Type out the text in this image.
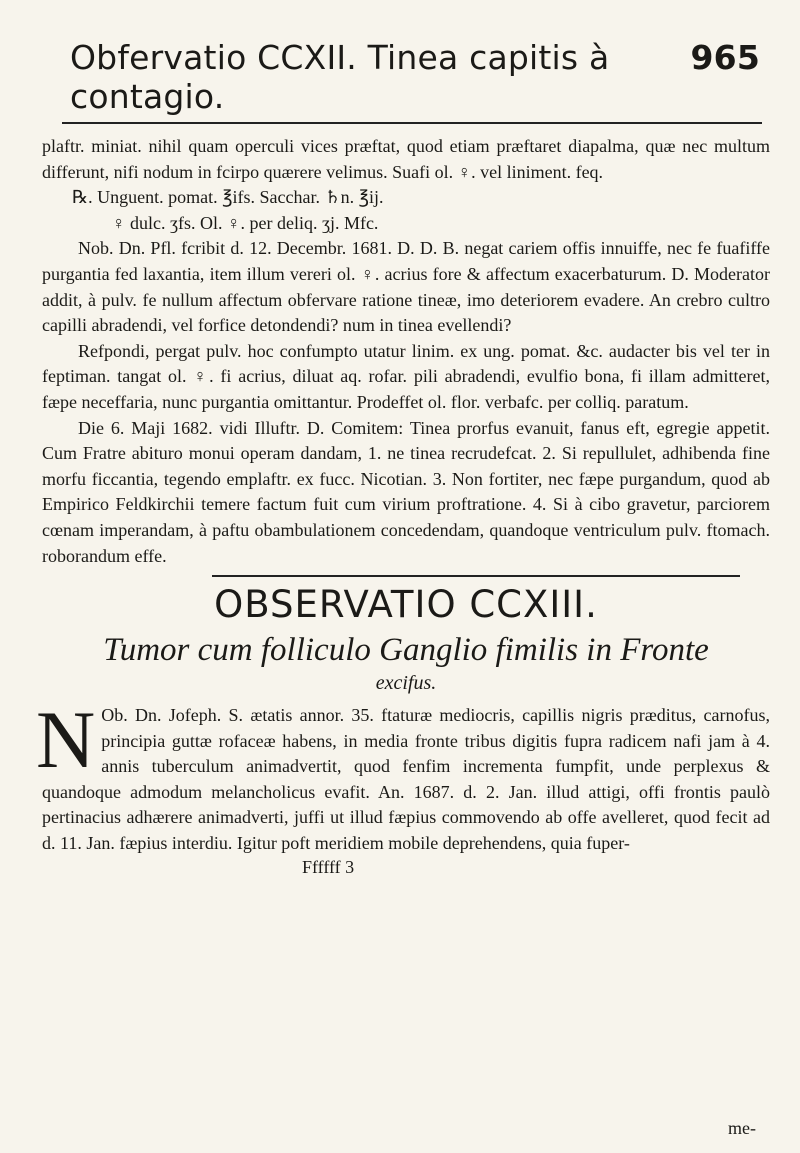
Obfervatio CCXII. Tinea capitis à contagio.
965

plaftr. miniat. nihil quam operculi vices præftat, quod etiam præftaret diapalma, quæ nec multum differunt, nifi nodum in fcirpo quærere velimus. Suafi ol. ♀. vel liniment. feq.

℞. Unguent. pomat. ℥ifs. Sacchar. ♄n. ℥ij.

♀ dulc. ʒfs. Ol. ♀. per deliq. ʒj. Mfc.

Nob. Dn. Pfl. fcribit d. 12. Decembr. 1681. D. D. B. negat cariem offis innuiffe, nec fe fuafiffe purgantia fed laxantia, item illum vereri ol. ♀. acrius fore & affectum exacerbaturum. D. Moderator addit, à pulv. fe nullum affectum obfervare ratione tineæ, imo deteriorem evadere. An crebro cultro capilli abradendi, vel forfice detondendi? num in tinea evellendi?

Refpondi, pergat pulv. hoc confumpto utatur linim. ex ung. pomat. &c. audacter bis vel ter in feptiman. tangat ol. ♀. fi acrius, diluat aq. rofar. pili abradendi, evulfio bona, fi illam admitteret, fæpe neceffaria, nunc purgantia omittantur. Prodeffet ol. flor. verbafc. per colliq. paratum.

Die 6. Maji 1682. vidi Illuftr. D. Comitem: Tinea prorfus evanuit, fanus eft, egregie appetit. Cum Fratre abituro monui operam dandam, 1. ne tinea recrudefcat. 2. Si repullulet, adhibenda fine morfu ficcantia, tegendo emplaftr. ex fucc. Nicotian. 3. Non fortiter, nec fæpe purgandum, quod ab Empirico Feldkirchii temere factum fuit cum virium proftratione. 4. Si à cibo gravetur, parciorem cœnam imperandam, à paftu obambulationem concedendam, quandoque ventriculum pulv. ftomach. roborandum effe.

OBSERVATIO CCXIII.

Tumor cum folliculo Ganglio fimilis in Fronte

excifus.

N Ob. Dn. Jofeph. S. ætatis annor. 35. ftaturæ mediocris, capillis nigris præditus, carnofus, principia guttæ rofaceæ habens, in media fronte tribus digitis fupra radicem nafi jam à 4. annis tuberculum animadvertit, quod fenfim incrementa fumpfit, unde perplexus & quandoque admodum melancholicus evafit. An. 1687. d. 2. Jan. illud attigi, offi frontis paulò pertinacius adhærere animadverti, juffi ut illud fæpius commovendo ab offe avelleret, quod fecit ad d. 11. Jan. fæpius interdiu. Igitur poft meridiem mobile deprehendens, quia fuper-

Ffffff 3

me-
